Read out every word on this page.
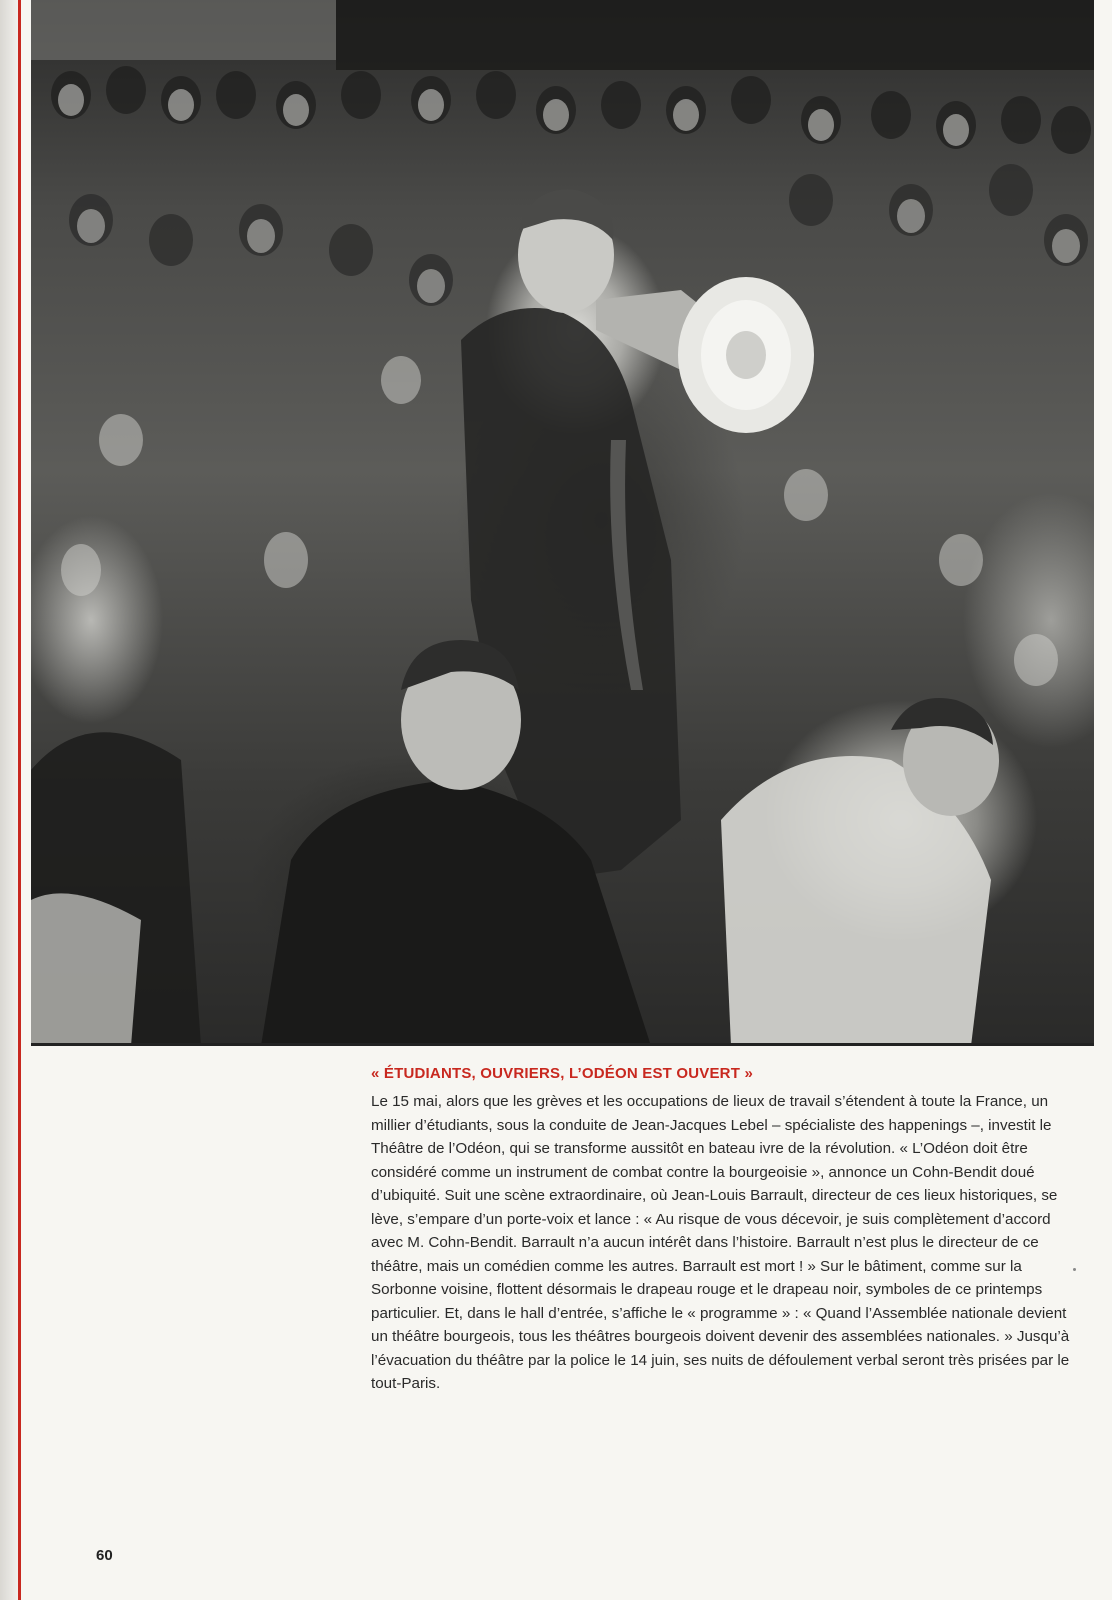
« ÉTUDIANTS, OUVRIERS, L’ODÉON EST OUVERT »

Le 15 mai, alors que les grèves et les occupations de lieux de travail s’étendent à toute la France, un millier d’étudiants, sous la conduite de Jean-Jacques Lebel – spécialiste des happenings –, investit le Théâtre de l’Odéon, qui se transforme aussitôt en bateau ivre de la révolution. « L’Odéon doit être considéré comme un instrument de combat contre la bourgeoisie », annonce un Cohn-Bendit doué d’ubiquité. Suit une scène extraordinaire, où Jean-Louis Barrault, directeur de ces lieux historiques, se lève, s’empare d’un porte-voix et lance : « Au risque de vous décevoir, je suis complètement d’accord avec M. Cohn-Bendit. Barrault n’a aucun intérêt dans l’histoire. Barrault n’est plus le directeur de ce théâtre, mais un comédien comme les autres. Barrault est mort ! » Sur le bâtiment, comme sur la Sorbonne voisine, flottent désormais le drapeau rouge et le drapeau noir, symboles de ce printemps particulier. Et, dans le hall d’entrée, s’affiche le « programme » : « Quand l’Assemblée nationale devient un théâtre bourgeois, tous les théâtres bourgeois doivent devenir des assemblées nationales. » Jusqu’à l’évacuation du théâtre par la police le 14 juin, ses nuits de défoulement verbal seront très prisées par le tout-Paris.

60
